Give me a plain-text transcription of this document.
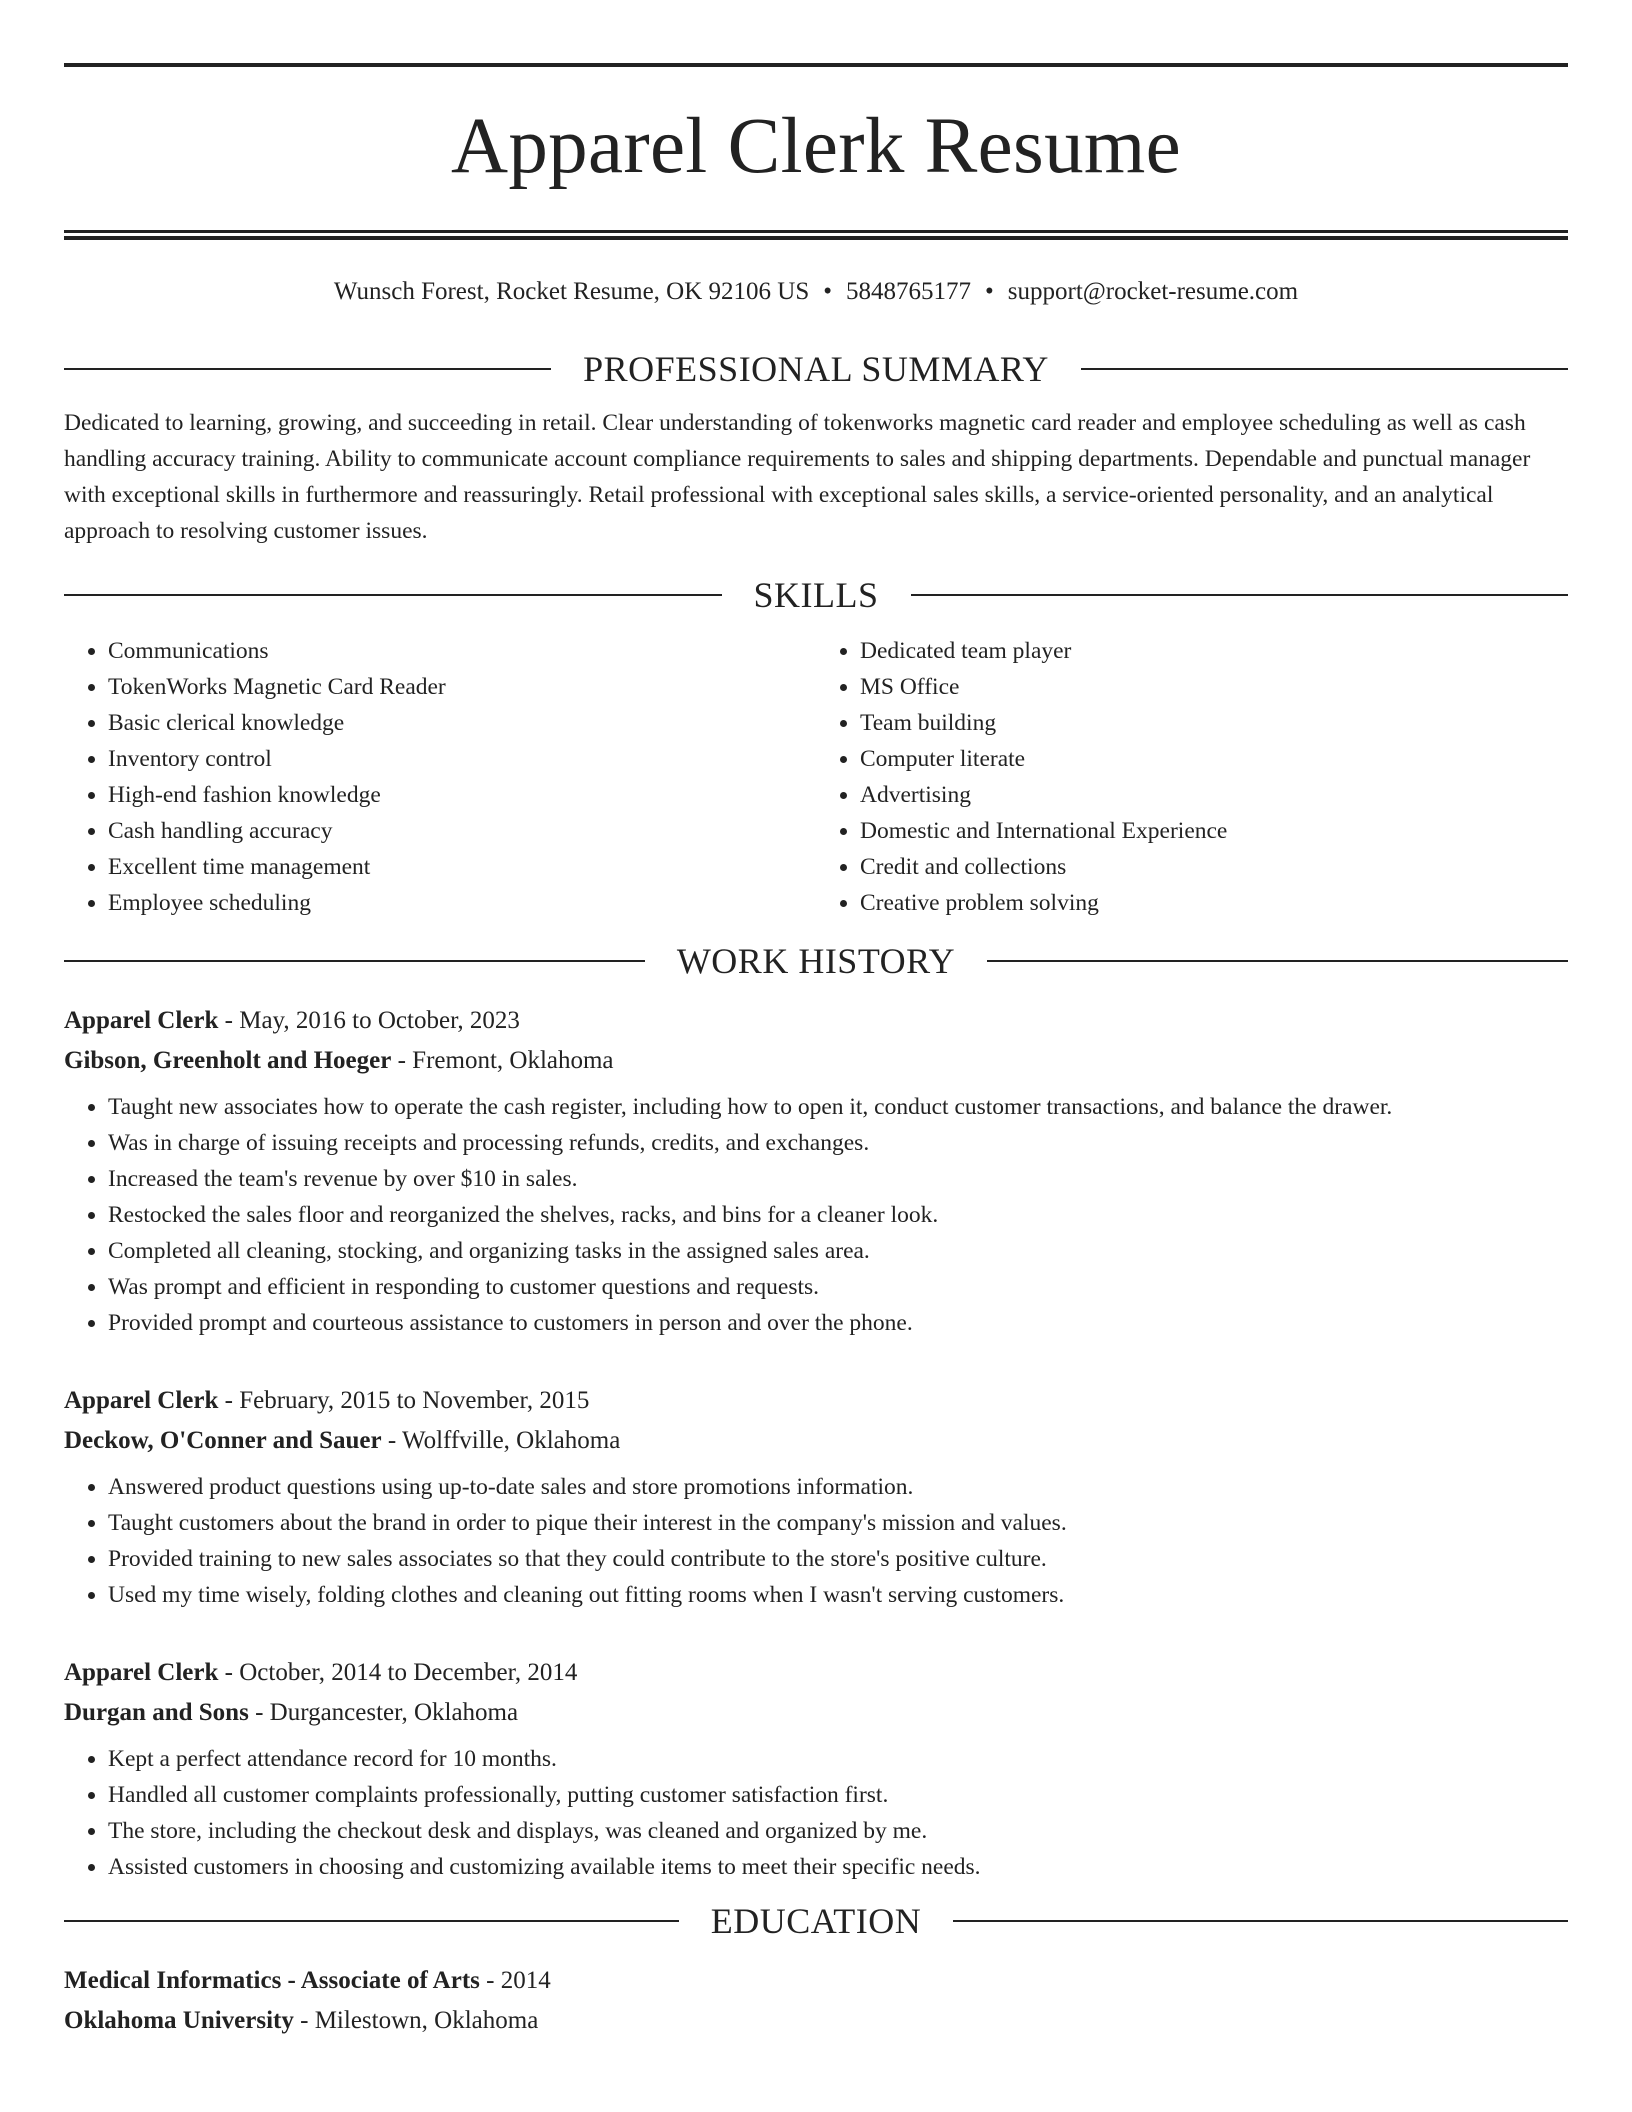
Apparel Clerk Resume
Wunsch Forest, Rocket Resume, OK 92106 US • 5848765177 • support@rocket-resume.com
PROFESSIONAL SUMMARY

Dedicated to learning, growing, and succeeding in retail. Clear understanding of tokenworks magnetic card reader and employee scheduling as well as cash handling accuracy training. Ability to communicate account compliance requirements to sales and shipping departments. Dependable and punctual manager with exceptional skills in furthermore and reassuringly. Retail professional with exceptional sales skills, a service-oriented personality, and an analytical approach to resolving customer issues.

SKILLS
• Communications
• TokenWorks Magnetic Card Reader
• Basic clerical knowledge
• Inventory control
• High-end fashion knowledge
• Cash handling accuracy
• Excellent time management
• Employee scheduling
• Dedicated team player
• MS Office
• Team building
• Computer literate
• Advertising
• Domestic and International Experience
• Credit and collections
• Creative problem solving
WORK HISTORY
Apparel Clerk - May, 2016 to October, 2023
Gibson, Greenholt and Hoeger - Fremont, Oklahoma
• Taught new associates how to operate the cash register, including how to open it, conduct customer transactions, and balance the drawer.
• Was in charge of issuing receipts and processing refunds, credits, and exchanges.
• Increased the team's revenue by over $10 in sales.
• Restocked the sales floor and reorganized the shelves, racks, and bins for a cleaner look.
• Completed all cleaning, stocking, and organizing tasks in the assigned sales area.
• Was prompt and efficient in responding to customer questions and requests.
• Provided prompt and courteous assistance to customers in person and over the phone.
Apparel Clerk - February, 2015 to November, 2015
Deckow, O'Conner and Sauer - Wolffville, Oklahoma
• Answered product questions using up-to-date sales and store promotions information.
• Taught customers about the brand in order to pique their interest in the company's mission and values.
• Provided training to new sales associates so that they could contribute to the store's positive culture.
• Used my time wisely, folding clothes and cleaning out fitting rooms when I wasn't serving customers.
Apparel Clerk - October, 2014 to December, 2014
Durgan and Sons - Durgancester, Oklahoma
• Kept a perfect attendance record for 10 months.
• Handled all customer complaints professionally, putting customer satisfaction first.
• The store, including the checkout desk and displays, was cleaned and organized by me.
• Assisted customers in choosing and customizing available items to meet their specific needs.
EDUCATION
Medical Informatics - Associate of Arts - 2014
Oklahoma University - Milestown, Oklahoma
